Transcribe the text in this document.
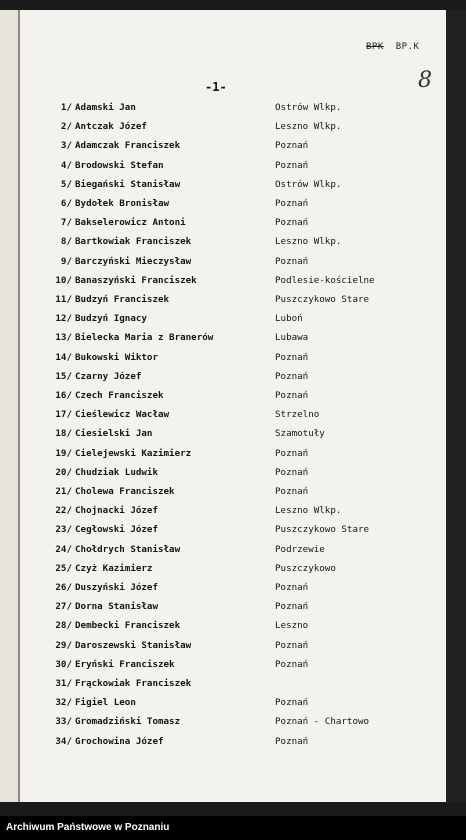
BPK BP.K
8
-1-
1/ Adamski Jan	Ostrów Wlkp.
2/ Antczak Józef	Leszno Wlkp.
3/ Adamczak Franciszek	Poznań
4/ Brodowski Stefan	Poznań
5/ Biegański Stanisław	Ostrów Wlkp.
6/ Bydołek Bronisław	Poznań
7/ Bakselerowicz Antoni	Poznań
8/ Bartkowiak Franciszek	Leszno Wlkp.
9/ Barczyński Mieczysław	Poznań
10/ Banaszyński Franciszek	Podlesie-kościelne
11/ Budzyń Franciszek	Puszczykowo Stare
12/ Budzyń Ignacy	Luboń
13/ Bielecka Maria z Branerów	Lubawa
14/ Bukowski Wiktor	Poznań
15/ Czarny Józef	Poznań
16/ Czech Franciszek	Poznań
17/ Cieślewicz Wacław	Strzelno
18/ Ciesielski Jan	Szamotuły
19/ Cielejewski Kazimierz	Poznań
20/ Chudziak Ludwik	Poznań
21/ Cholewa Franciszek	Poznań
22/ Chojnacki Józef	Leszno Wlkp.
23/ Cegłowski Józef	Puszczykowo Stare
24/ Chołdrych Stanisław	Podrzewie
25/ Czyż Kazimierz	Puszczykowo
26/ Duszyński Józef	Poznań
27/ Dorna Stanisław	Poznań
28/ Dembecki Franciszek	Leszno
29/ Daroszewski Stanisław	Poznań
30/ Eryński Franciszek	Poznań
31/ Frąckowiak Franciszek
32/ Figiel Leon	Poznań
33/ Gromadziński Tomasz	Poznań - Chartowo
34/ Grochowina Józef	Poznań
Archiwum Państwowe w Poznaniu
